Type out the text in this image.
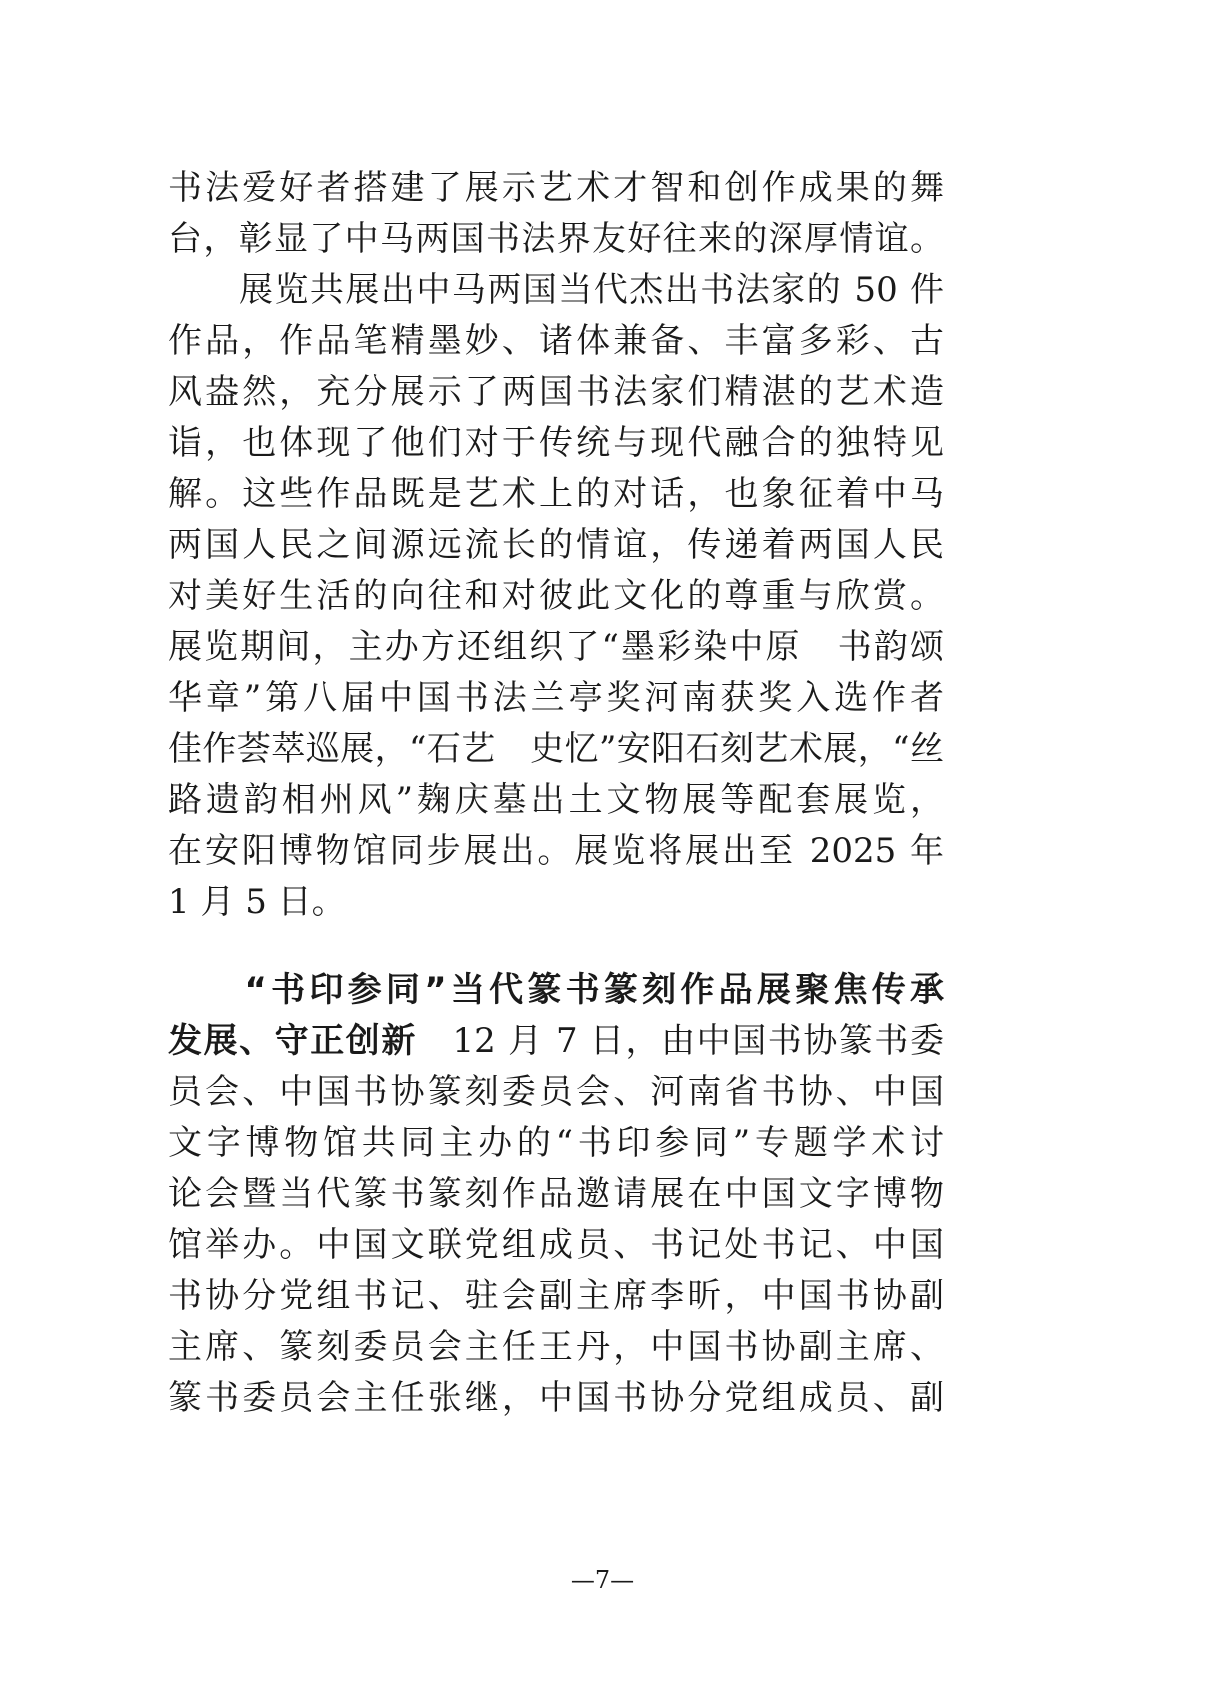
书法爱好者搭建了展示艺术才智和创作成果的舞
台，彰显了中马两国书法界友好往来的深厚情谊。
　　展览共展出中马两国当代杰出书法家的 50 件
作品，作品笔精墨妙、诸体兼备、丰富多彩、古
风盎然，充分展示了两国书法家们精湛的艺术造
诣，也体现了他们对于传统与现代融合的独特见
解。这些作品既是艺术上的对话，也象征着中马
两国人民之间源远流长的情谊，传递着两国人民
对美好生活的向往和对彼此文化的尊重与欣赏。
展览期间，主办方还组织了“墨彩染中原　书韵颂
华章”第八届中国书法兰亭奖河南获奖入选作者
佳作荟萃巡展，“石艺　史忆”安阳石刻艺术展，“丝
路遗韵相州风”麹庆墓出土文物展等配套展览，
在安阳博物馆同步展出。展览将展出至 2025 年
1 月 5 日。
　　“书印参同”当代篆书篆刻作品展聚焦传承
发展、守正创新　12 月 7 日，由中国书协篆书委
员会、中国书协篆刻委员会、河南省书协、中国
文字博物馆共同主办的“书印参同”专题学术讨
论会暨当代篆书篆刻作品邀请展在中国文字博物
馆举办。中国文联党组成员、书记处书记、中国
书协分党组书记、驻会副主席李昕，中国书协副
主席、篆刻委员会主任王丹，中国书协副主席、
篆书委员会主任张继，中国书协分党组成员、副
—7—
